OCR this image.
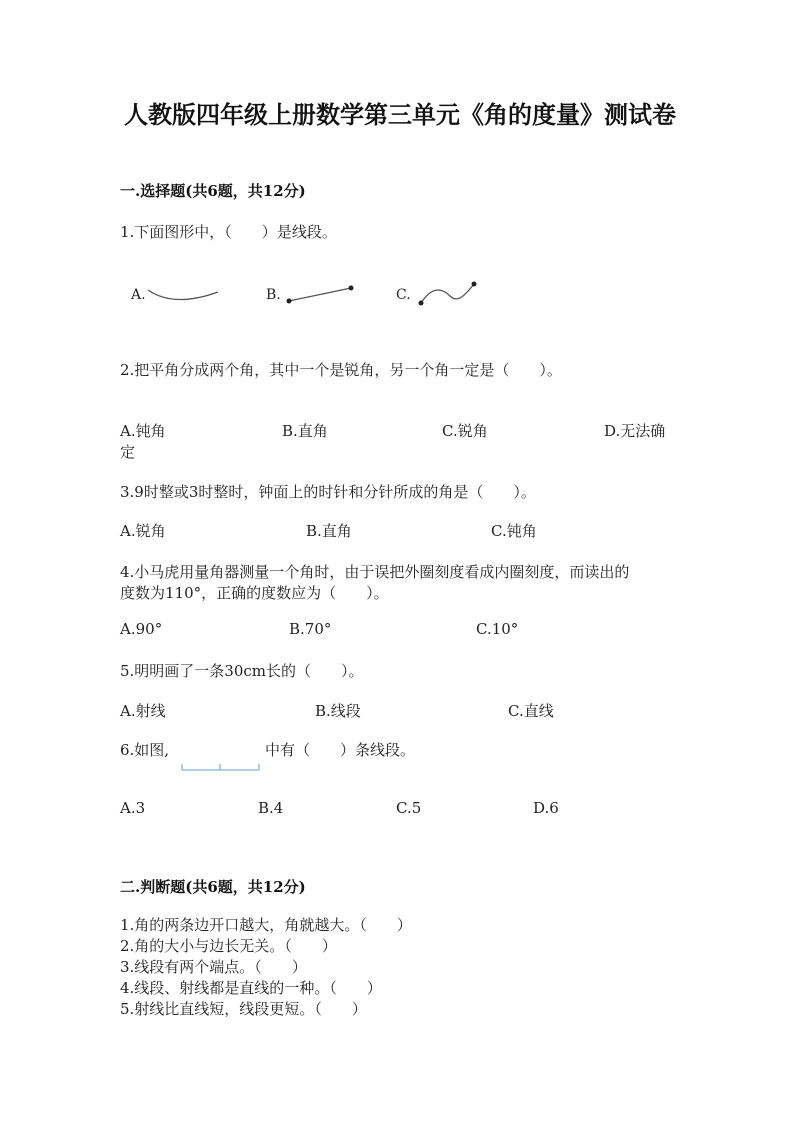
人教版四年级上册数学第三单元《角的度量》测试卷
一.选择题(共6题，共12分)
1.下面图形中，（　　）是线段。
A.	B.	C.
2.把平角分成两个角，其中一个是锐角，另一个角一定是（　　）。
A.钝角	B.直角	C.锐角	D.无法确
定
3.9时整或3时整时，钟面上的时针和分针所成的角是（　　）。
A.锐角	B.直角	C.钝角
4.小马虎用量角器测量一个角时，由于误把外圈刻度看成内圈刻度，而读出的
度数为110°，正确的度数应为（　　）。
A.90°	B.70°	C.10°
5.明明画了一条30cm长的（　　）。
A.射线	B.线段	C.直线
6.如图,	中有（　　）条线段。
A.3	B.4	C.5	D.6
二.判断题(共6题，共12分)
1.角的两条边开口越大，角就越大。（　　）
2.角的大小与边长无关。（　　）
3.线段有两个端点。（　　）
4.线段、射线都是直线的一种。（　　）
5.射线比直线短，线段更短。（　　）
